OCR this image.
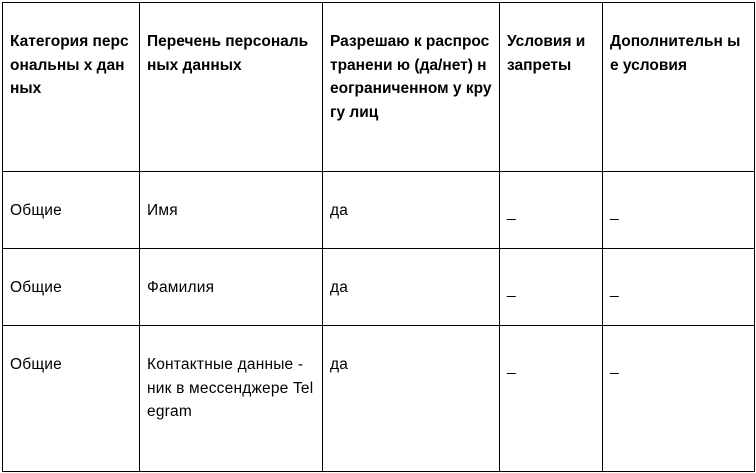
Категория персональны х данных	Перечень персональных данных	Разрешаю к распространени ю (да/нет) неограниченном у кругу лиц	Условия и запреты	Дополнительн ые условия
Общие	Имя	да	_	_
Общие	Фамилия	да	_	_
Общие	Контактные данные - ник в мессенджере Telegram	да	_	_
